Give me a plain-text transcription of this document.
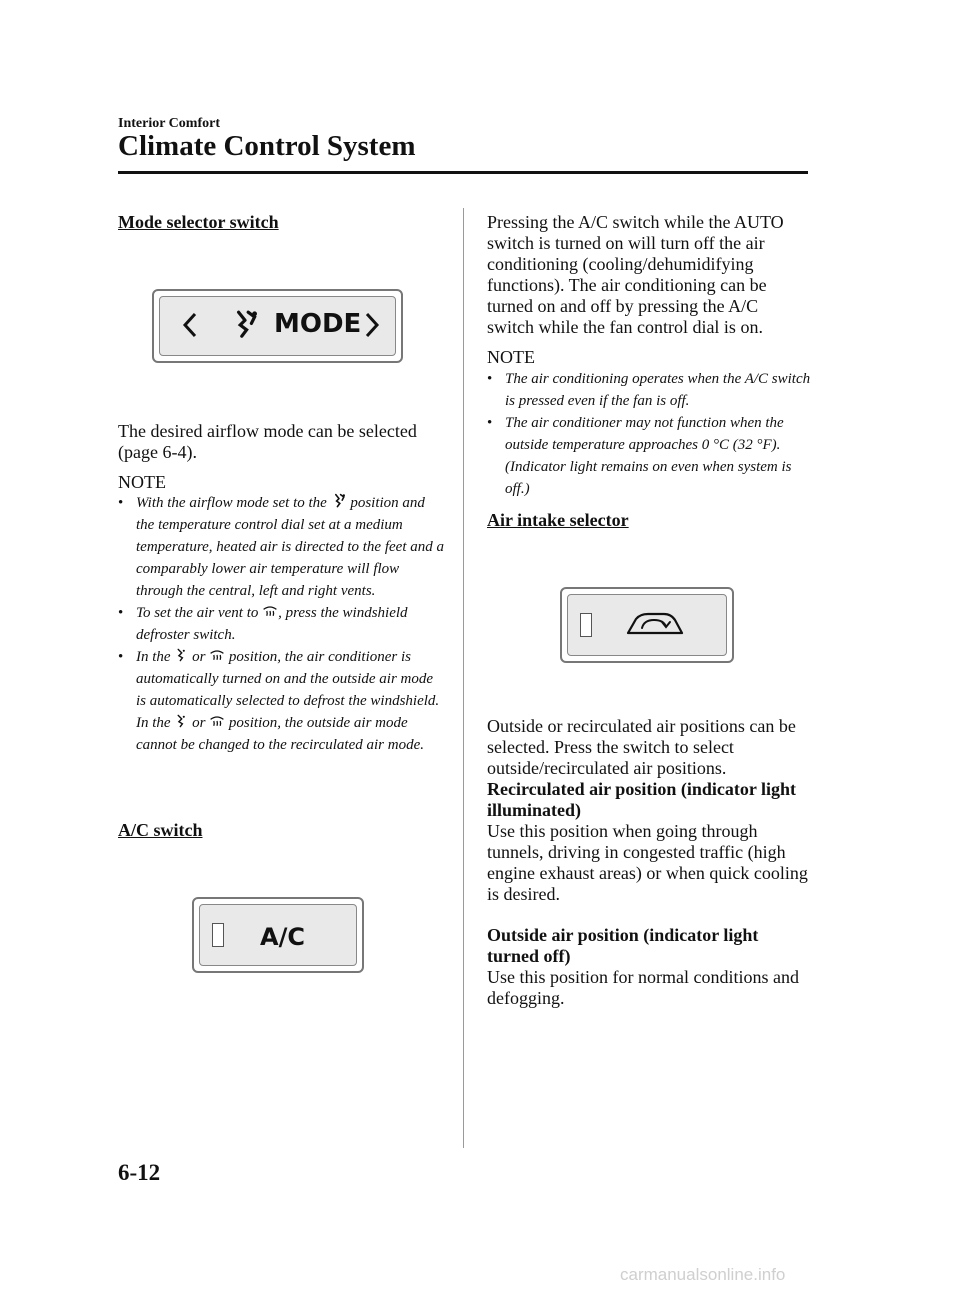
Interior Comfort
Climate Control System
Mode selector switch
MODE
The desired airflow mode can be selected (page 6-4).
NOTE
• With the airflow mode set to the  position and the temperature control dial set at a medium temperature, heated air is directed to the feet and a comparably lower air temperature will flow through the central, left and right vents.
• To set the air vent to , press the windshield defroster switch.
• In the  or  position, the air conditioner is automatically turned on and the outside air mode is automatically selected to defrost the windshield. In the  or  position, the outside air mode cannot be changed to the recirculated air mode.
A/C switch
A/C
Pressing the A/C switch while the AUTO switch is turned on will turn off the air conditioning (cooling/dehumidifying functions). The air conditioning can be turned on and off by pressing the A/C switch while the fan control dial is on.
NOTE
• The air conditioning operates when the A/C switch is pressed even if the fan is off.
• The air conditioner may not function when the outside temperature approaches 0 °C (32 °F). (Indicator light remains on even when system is off.)
Air intake selector
Outside or recirculated air positions can be selected. Press the switch to select outside/recirculated air positions.
Recirculated air position (indicator light illuminated)
Use this position when going through tunnels, driving in congested traffic (high engine exhaust areas) or when quick cooling is desired.
Outside air position (indicator light turned off)
Use this position for normal conditions and defogging.
6-12
carmanualsonline.info
